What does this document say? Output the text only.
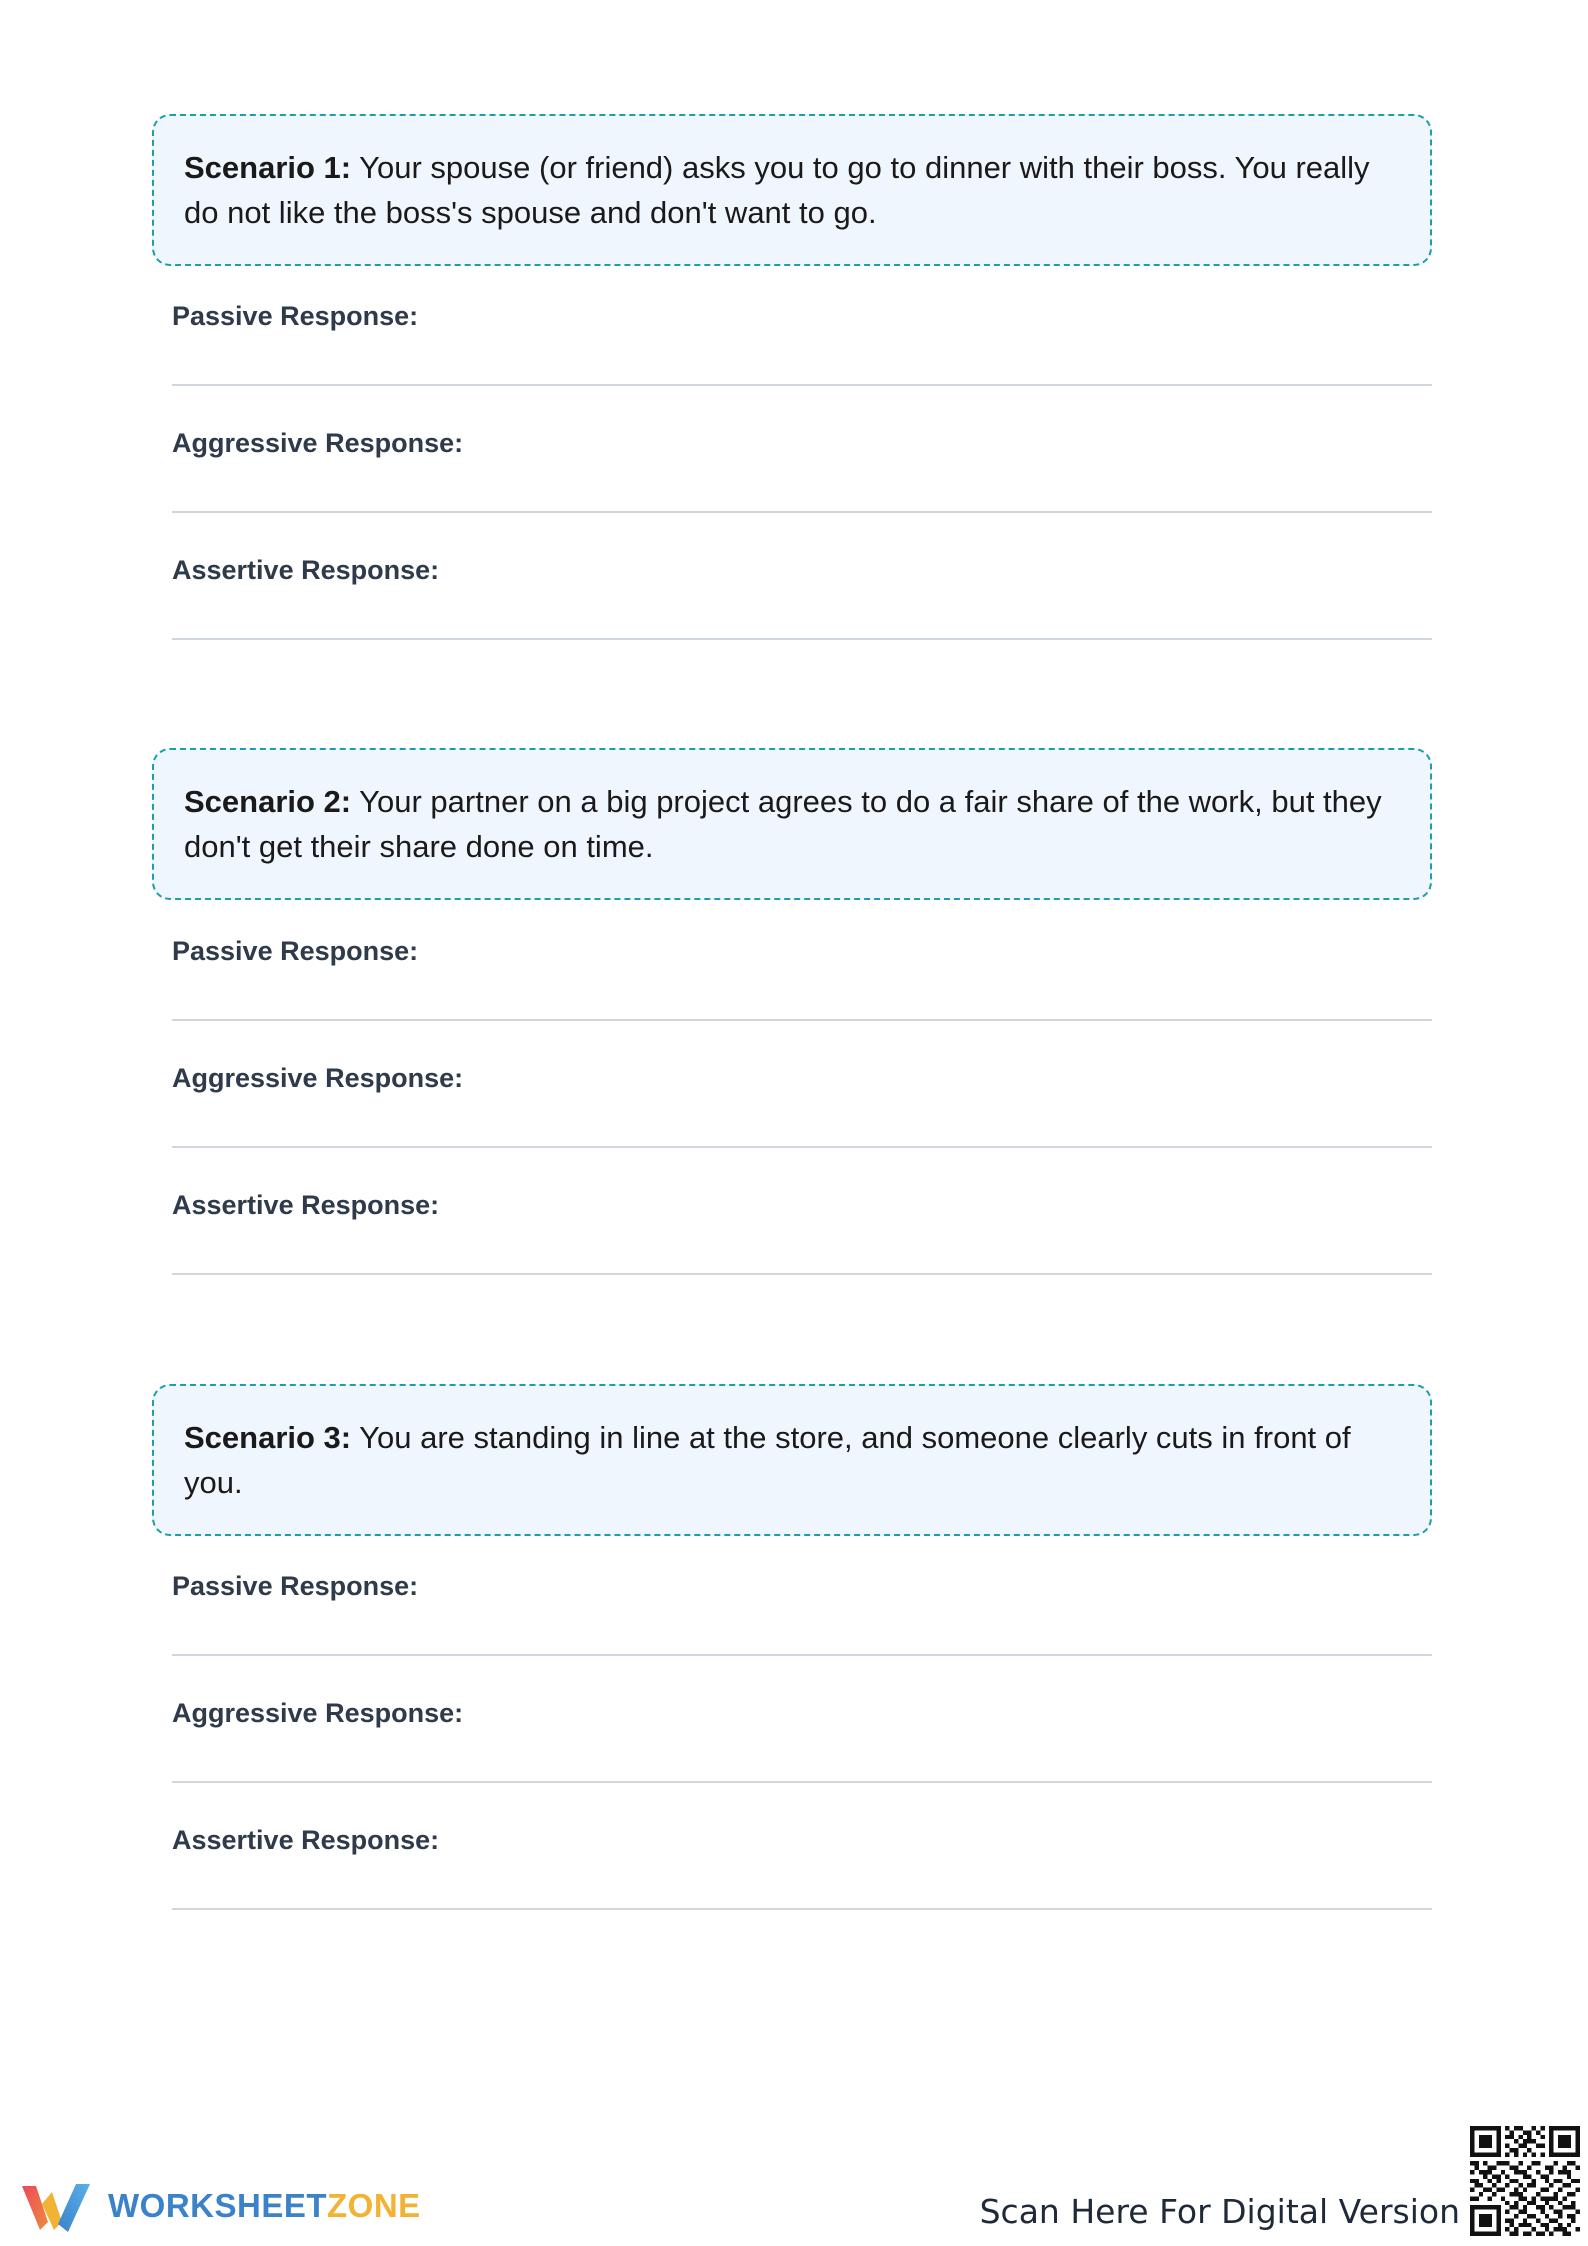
Scenario 1: Your spouse (or friend) asks you to go to dinner with their boss. You really do not like the boss's spouse and don't want to go.
Passive Response:
Aggressive Response:
Assertive Response:
Scenario 2: Your partner on a big project agrees to do a fair share of the work, but they don't get their share done on time.
Passive Response:
Aggressive Response:
Assertive Response:
Scenario 3: You are standing in line at the store, and someone clearly cuts in front of you.
Passive Response:
Aggressive Response:
Assertive Response:
WORKSHEETZONE	Scan Here For Digital Version
